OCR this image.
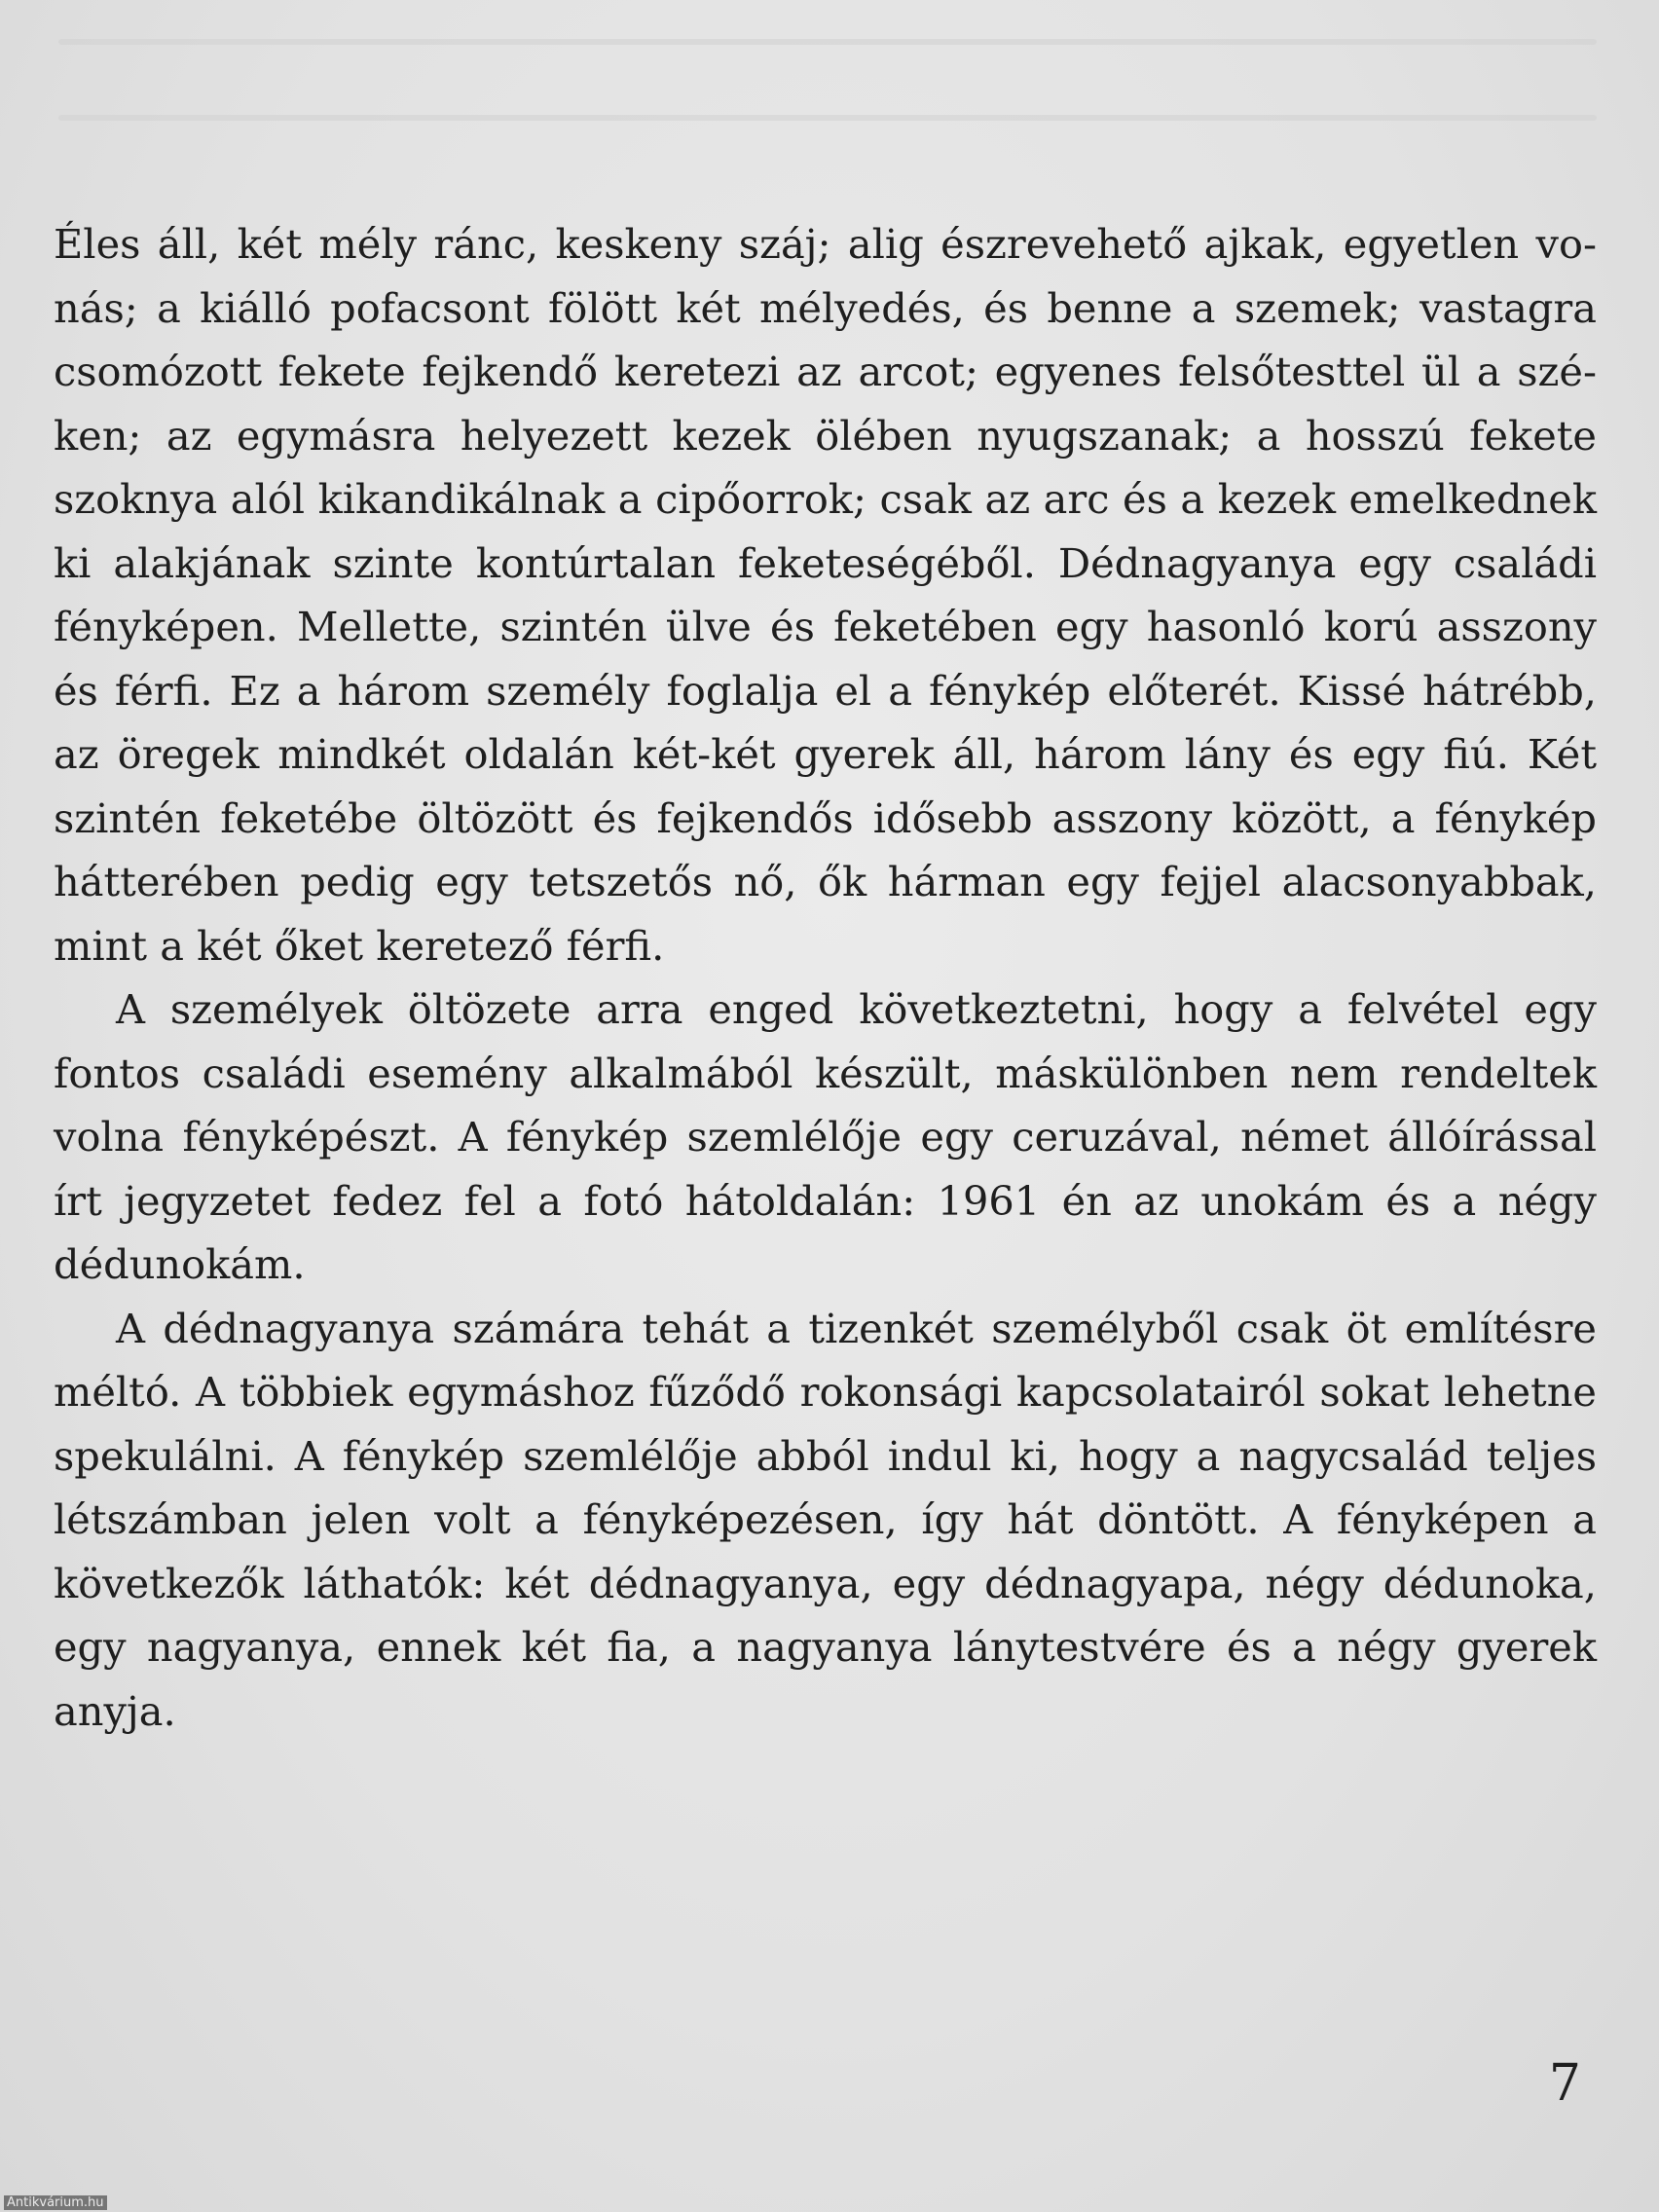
Éles áll, két mély ránc, keskeny száj; alig észrevehető ajkak, egyetlen vonás; a kiálló pofacsont fölött két mélyedés, és benne a szemek; vastagra csomózott fekete fejkendő keretezi az arcot; egyenes felsőtesttel ül a széken; az egymásra helyezett kezek ölében nyugszanak; a hosszú fekete szoknya alól kikandikálnak a cipőorrok; csak az arc és a kezek emelkednek ki alakjának szinte kontúrtalan feketeségéből. Dédnagyanya egy családi fényképen. Mellette, szintén ülve és feketében egy hasonló korú asszony és férfi. Ez a három személy foglalja el a fénykép előterét. Kissé hátrébb, az öregek mindkét oldalán két-két gyerek áll, három lány és egy fiú. Két szintén feketébe öltözött és fejkendős idősebb asszony között, a fénykép hátterében pedig egy tetszetős nő, ők hárman egy fejjel alacsonyabbak, mint a két őket keretező férfi.

A személyek öltözete arra enged következtetni, hogy a felvétel egy fontos családi esemény alkalmából készült, máskülönben nem rendeltek volna fényképészt. A fénykép szemlélője egy ceruzával, német állóírással írt jegyzetet fedez fel a fotó hátoldalán: 1961 én az unokám és a négy dédunokám.

A dédnagyanya számára tehát a tizenkét személyből csak öt említésre méltó. A többiek egymáshoz fűződő rokonsági kapcsolatairól sokat lehetne spekulálni. A fénykép szemlélője abból indul ki, hogy a nagycsalád teljes létszámban jelen volt a fényképezésen, így hát döntött. A fényképen a következők láthatók: két dédnagyanya, egy dédnagyapa, négy dédunoka, egy nagyanya, ennek két fia, a nagyanya lánytestvére és a négy gyerek anyja.

7
Antikvárium.hu
